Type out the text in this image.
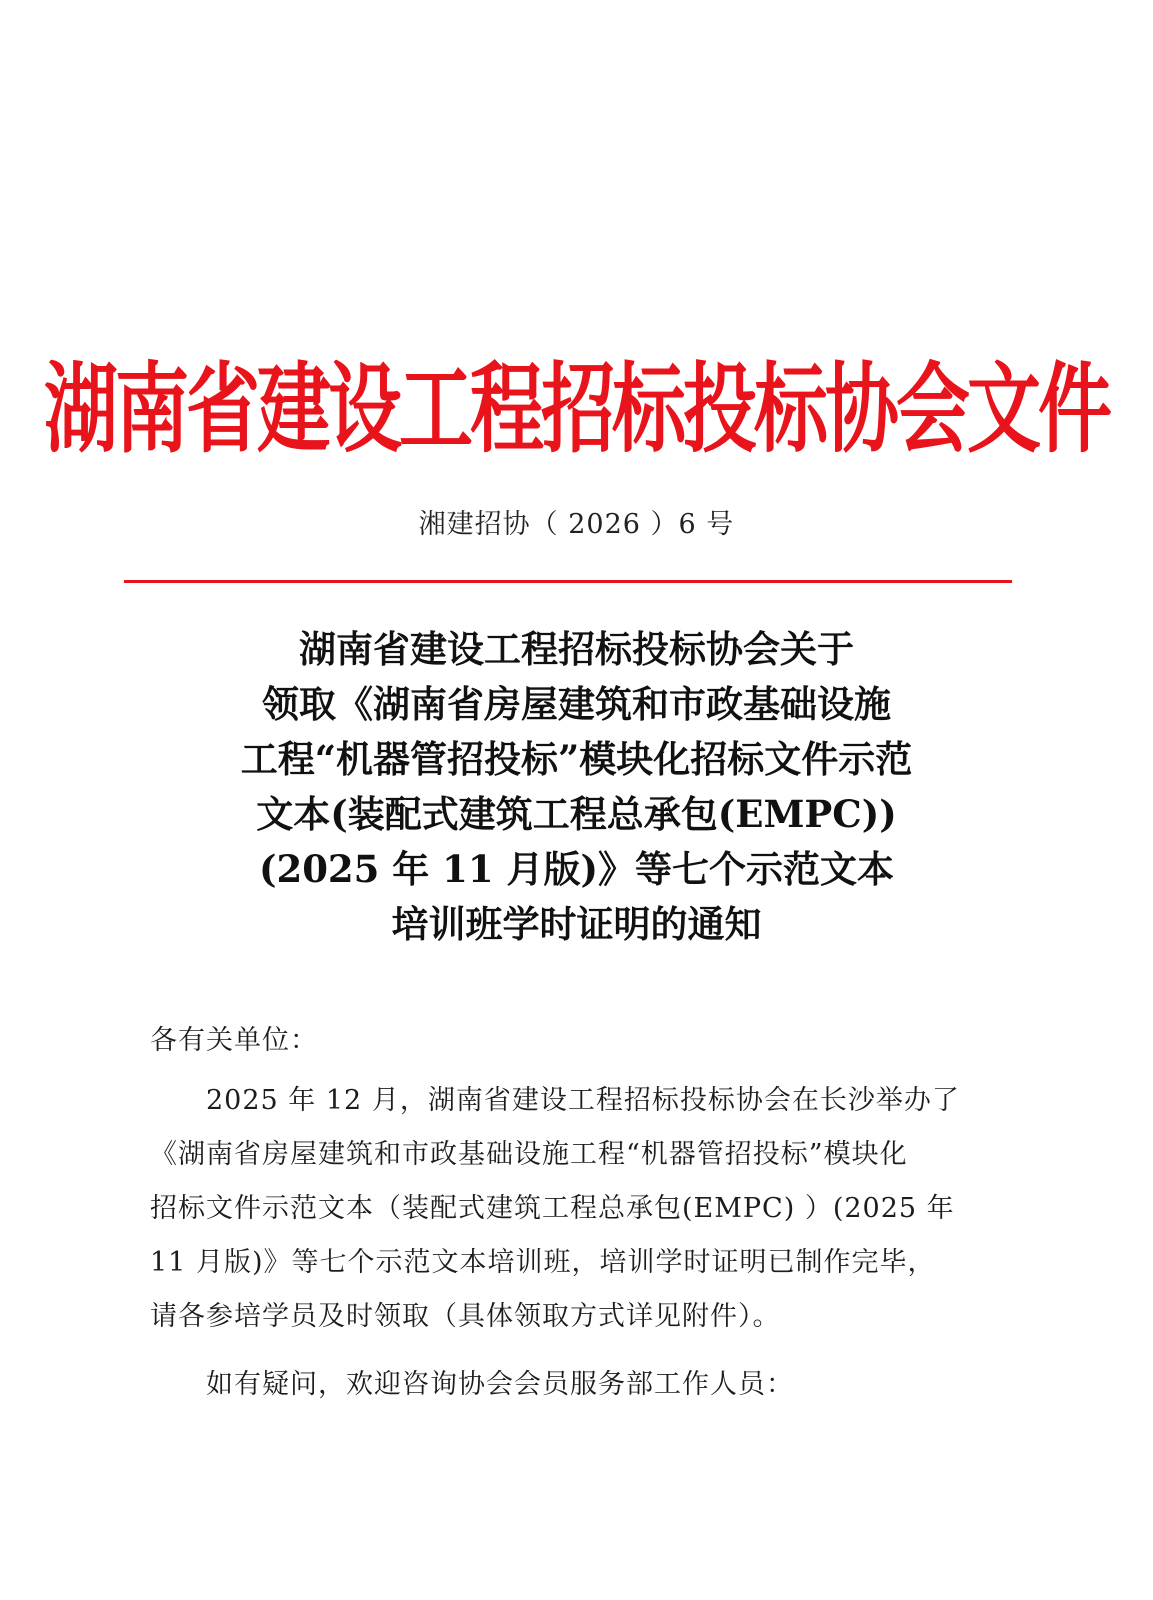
湖南省建设工程招标投标协会文件
湘建招协（ 2026 ）6 号
湖南省建设工程招标投标协会关于
领取《湖南省房屋建筑和市政基础设施
工程“机器管招投标”模块化招标文件示范
文本(装配式建筑工程总承包(EMPC))
(2025 年 11 月版)》等七个示范文本
培训班学时证明的通知
各有关单位：
2025 年 12 月，湖南省建设工程招标投标协会在长沙举办了
《湖南省房屋建筑和市政基础设施工程“机器管招投标”模块化
招标文件示范文本（装配式建筑工程总承包(EMPC) ）(2025 年
11 月版)》等七个示范文本培训班，培训学时证明已制作完毕，
请各参培学员及时领取（具体领取方式详见附件）。
如有疑问，欢迎咨询协会会员服务部工作人员：
